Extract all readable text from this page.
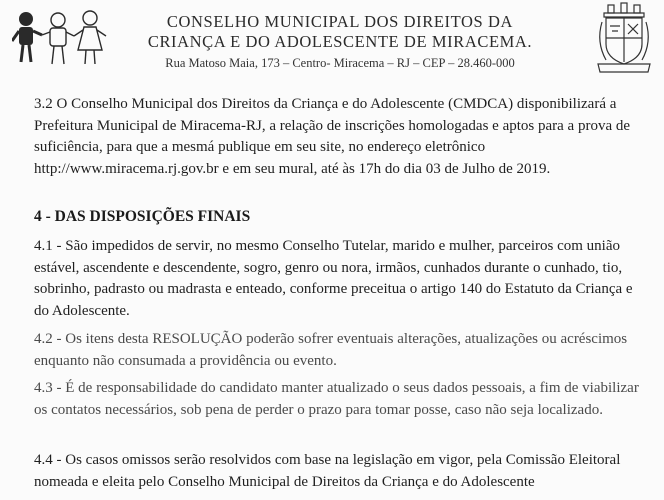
CONSELHO MUNICIPAL DOS DIREITOS DA
CRIANÇA E DO ADOLESCENTE DE MIRACEMA.
Rua Matoso Maia, 173 – Centro- Miracema – RJ – CEP – 28.460-000
3.2 O Conselho Municipal dos Direitos da Criança e do Adolescente (CMDCA) disponibilizará a Prefeitura Municipal de Miracema-RJ, a relação de inscrições homologadas e aptos para a prova de suficiência, para que a mesmá publique em seu site, no endereço eletrônico http://www.miracema.rj.gov.br e em seu mural, até às 17h do dia 03 de Julho de 2019.
4 - DAS DISPOSIÇÕES FINAIS
4.1 - São impedidos de servir, no mesmo Conselho Tutelar, marido e mulher, parceiros com união estável, ascendente e descendente, sogro, genro ou nora, irmãos, cunhados durante o cunhado, tio, sobrinho, padrasto ou madrasta e enteado, conforme preceitua o artigo 140 do Estatuto da Criança e do Adolescente.
4.2 - Os itens desta RESOLUÇÃO poderão sofrer eventuais alterações, atualizações ou acréscimos enquanto não consumada a providência ou evento.
4.3 - É de responsabilidade do candidato manter atualizado o seus dados pessoais, a fim de viabilizar os contatos necessários, sob pena de perder o prazo para tomar posse, caso não seja localizado.
4.4 - Os casos omissos serão resolvidos com base na legislação em vigor, pela Comissão Eleitoral nomeada e eleita pelo Conselho Municipal de Direitos da Criança e do Adolescente
